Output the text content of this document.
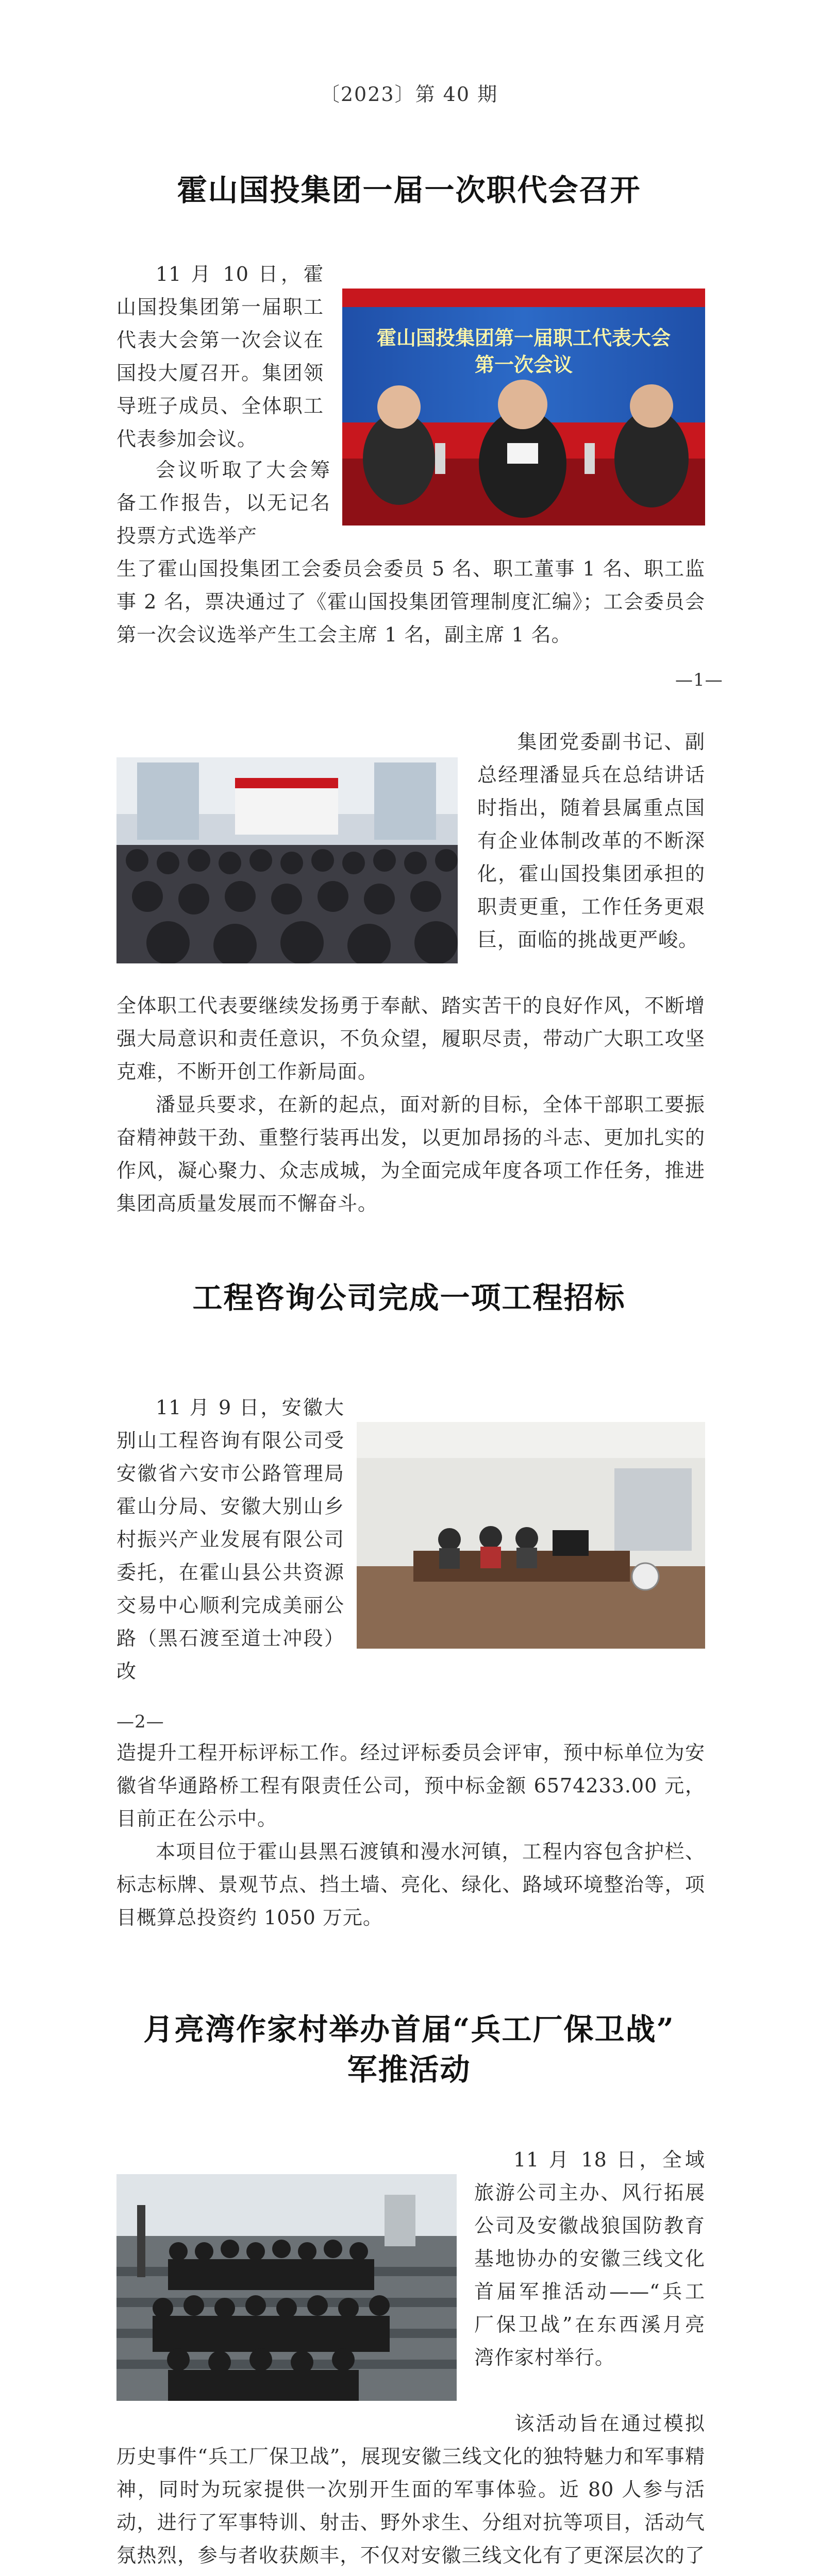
〔2023〕第 40 期
霍山国投集团一届一次职代会召开
霍山国投集团第一届职工代表大会
第一次会议
会议听取了大会筹备工作报告，以无记名投票方式选举产
生了霍山国投集团工会委员会委员 5 名、职工董事 1 名、职工监事 2 名，票决通过了《霍山国投集团管理制度汇编》；工会委员会第一次会议选举产生工会主席 1 名，副主席 1 名。
—1—
全体职工代表要继续发扬勇于奉献、踏实苦干的良好作风，不断增强大局意识和责任意识，不负众望，履职尽责，带动广大职工攻坚克难，不断开创工作新局面。
潘显兵要求，在新的起点，面对新的目标，全体干部职工要振奋精神鼓干劲、重整行装再出发，以更加昂扬的斗志、更加扎实的作风，凝心聚力、众志成城，为全面完成年度各项工作任务，推进集团高质量发展而不懈奋斗。
工程咨询公司完成一项工程招标
—2—
造提升工程开标评标工作。经过评标委员会评审，预中标单位为安徽省华通路桥工程有限责任公司，预中标金额 6574233.00 元，目前正在公示中。
本项目位于霍山县黑石渡镇和漫水河镇，工程内容包含护栏、标志标牌、景观节点、挡土墙、亮化、绿化、路域环境整治等，项目概算总投资约 1050 万元。
月亮湾作家村举办首届“兵工厂保卫战”
军推活动
11 月 10 日，霍山国投集团第一届职工代表大会第一次会议在国投大厦召开。集团领导班子成员、全体职工代表参加会议。
集团党委副书记、副总经理潘显兵在总结讲话时指出，随着县属重点国有企业体制改革的不断深化，霍山国投集团承担的职责更重，工作任务更艰巨，面临的挑战更严峻。
11 月 9 日，安徽大别山工程咨询有限公司受安徽省六安市公路管理局霍山分局、安徽大别山乡村振兴产业发展有限公司委托，在霍山县公共资源交易中心顺利完成美丽公路（黑石渡至道士冲段）改
11 月 18 日，全域旅游公司主办、风行拓展公司及安徽战狼国防教育基地协办的安徽三线文化首届军推活动——“兵工厂保卫战”在东西溪月亮湾作家村举行。
该活动旨在通过模拟历史事件“兵工厂保卫战”，展现安徽三线文化的独特魅力和军事精神，同时为玩家提供一次别开生面的军事体验。近 80 人参与活动，进行了军事特训、射击、野外求生、分组对抗等项目，活动气氛热烈，参与者收获颇丰，不仅对安徽三线文化有了更深层次的了
